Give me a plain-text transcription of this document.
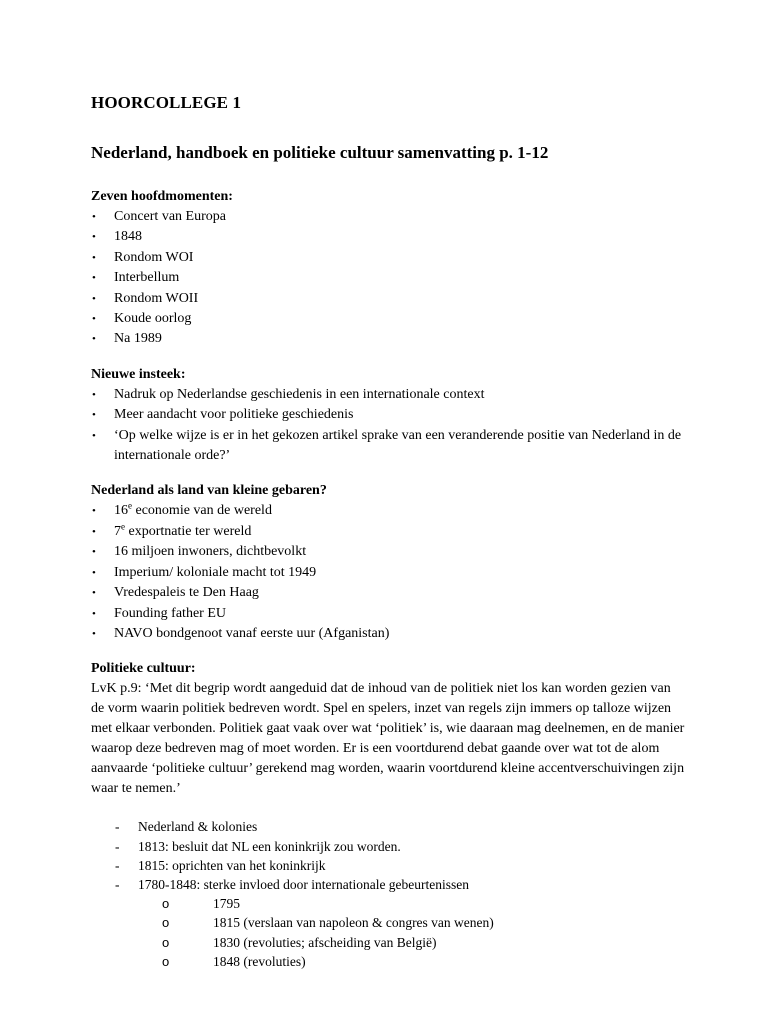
HOORCOLLEGE 1
Nederland, handboek en politieke cultuur samenvatting p. 1-12

Zeven hoofdmomenten:

• Concert van Europa
• 1848
• Rondom WOI
• Interbellum
• Rondom WOII
• Koude oorlog
• Na 1989

Nieuwe insteek:

• Nadruk op Nederlandse geschiedenis in een internationale context
• Meer aandacht voor politieke geschiedenis
• ‘Op welke wijze is er in het gekozen artikel sprake van een veranderende positie van Nederland in de internationale orde?’

Nederland als land van kleine gebaren?

• 16e economie van de wereld
• 7e exportnatie ter wereld
• 16 miljoen inwoners, dichtbevolkt
• Imperium/ koloniale macht tot 1949
• Vredespaleis te Den Haag
• Founding father EU
• NAVO bondgenoot vanaf eerste uur (Afganistan)

Politieke cultuur:

LvK p.9: ‘Met dit begrip wordt aangeduid dat de inhoud van de politiek niet los kan worden gezien van de vorm waarin politiek bedreven wordt. Spel en spelers, inzet van regels zijn immers op talloze wijzen met elkaar verbonden. Politiek gaat vaak over wat ‘politiek’ is, wie daaraan mag deelnemen, en de manier waarop deze bedreven mag of moet worden. Er is een voortdurend debat gaande over wat tot de alom aanvaarde ‘politieke cultuur’ gerekend mag worden, waarin voortdurend kleine accentverschuivingen zijn waar te nemen.’

- Nederland & kolonies
- 1813: besluit dat NL een koninkrijk zou worden.
- 1815: oprichten van het koninkrijk
- 1780-1848: sterke invloed door internationale gebeurtenissen
o	1795
o	1815 (verslaan van napoleon & congres van wenen)
o	1830 (revoluties; afscheiding van België)
o	1848 (revoluties)
